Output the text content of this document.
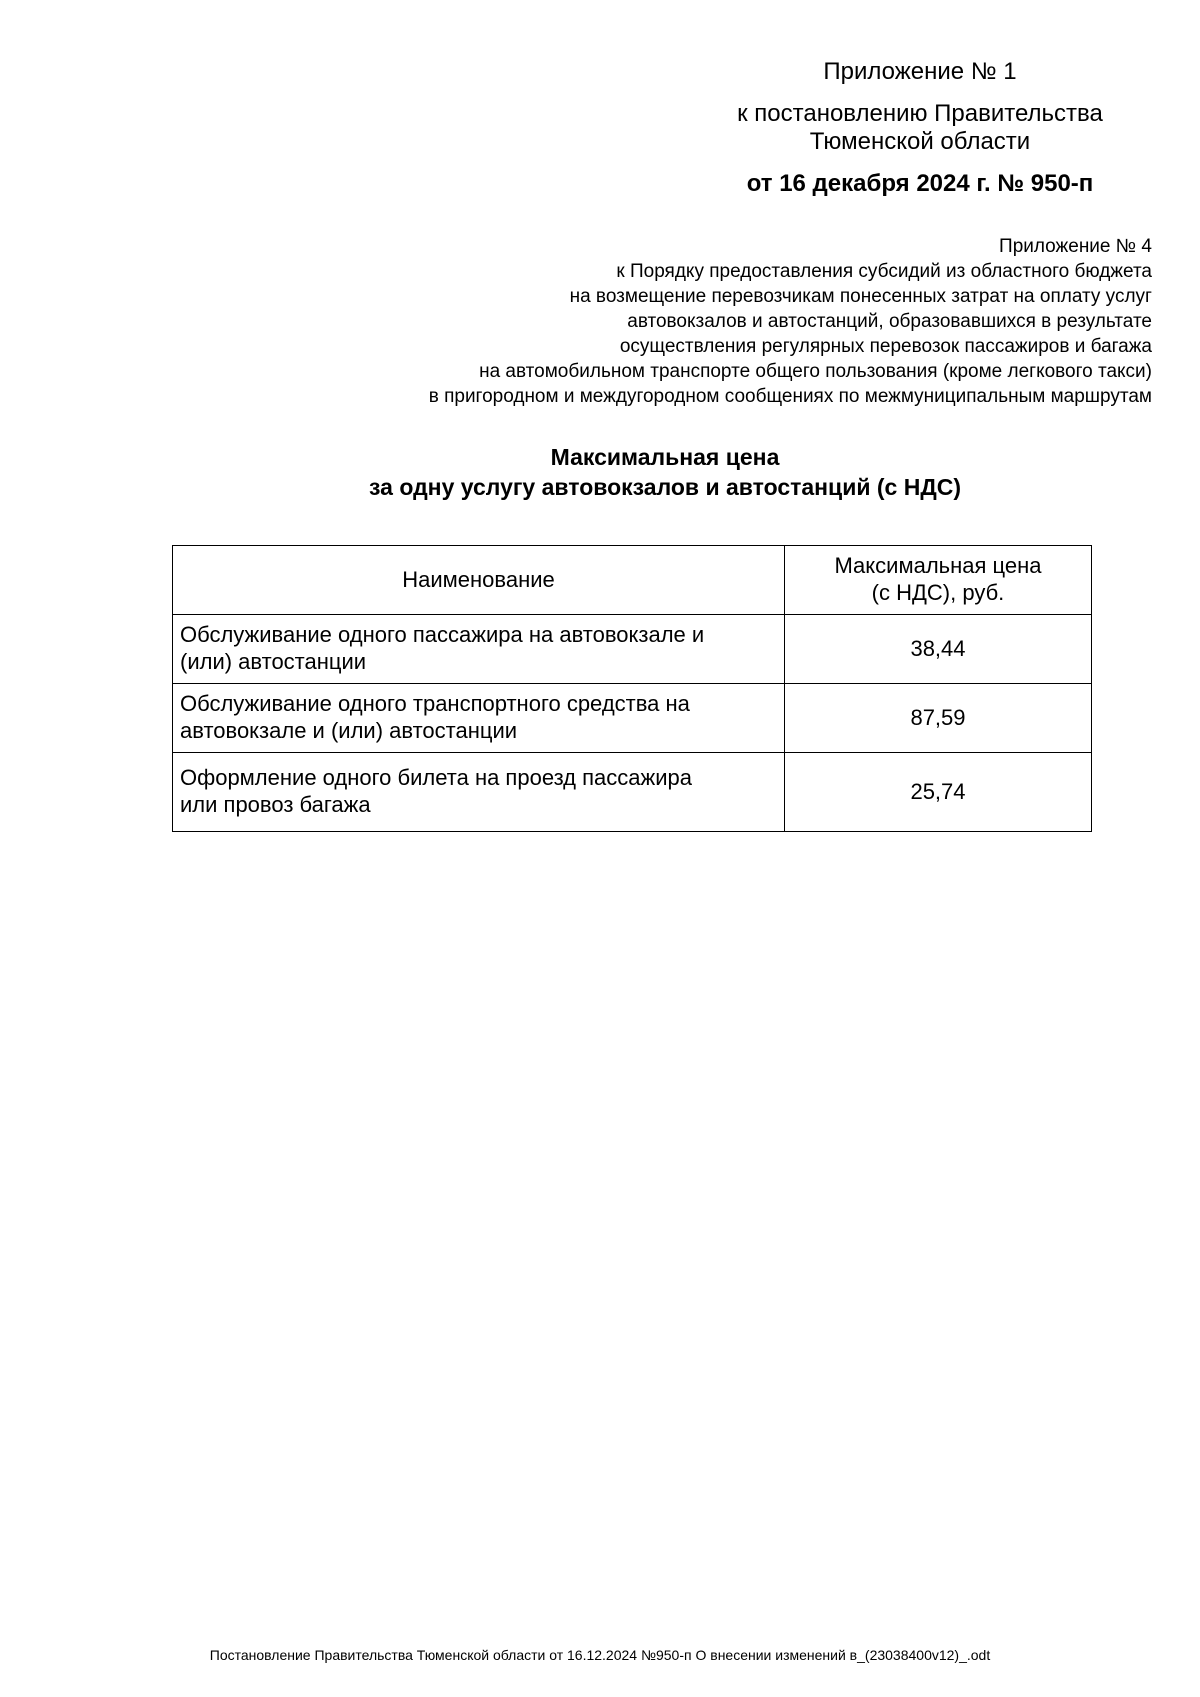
Приложение № 1
к постановлению Правительства
Тюменской области
от 16 декабря 2024 г. № 950-п
Приложение № 4
к Порядку предоставления субсидий из областного бюджета
на возмещение перевозчикам понесенных затрат на оплату услуг
автовокзалов и автостанций, образовавшихся в результате
осуществления регулярных перевозок пассажиров и багажа
на автомобильном транспорте общего пользования (кроме легкового такси)
в пригородном и междугородном сообщениях по межмуниципальным маршрутам
Максимальная цена
за одну услугу автовокзалов и автостанций (с НДС)
Наименование	Максимальная цена
(с НДС), руб.

Обслуживание одного пассажира на автовокзале и
(или) автостанции	38,44

Обслуживание одного транспортного средства на
автовокзале и (или) автостанции	87,59

Оформление одного билета на проезд пассажира
или провоз багажа	25,74
Постановление Правительства Тюменской области от 16.12.2024 №950-п О внесении изменений в_(23038400v12)_.odt
